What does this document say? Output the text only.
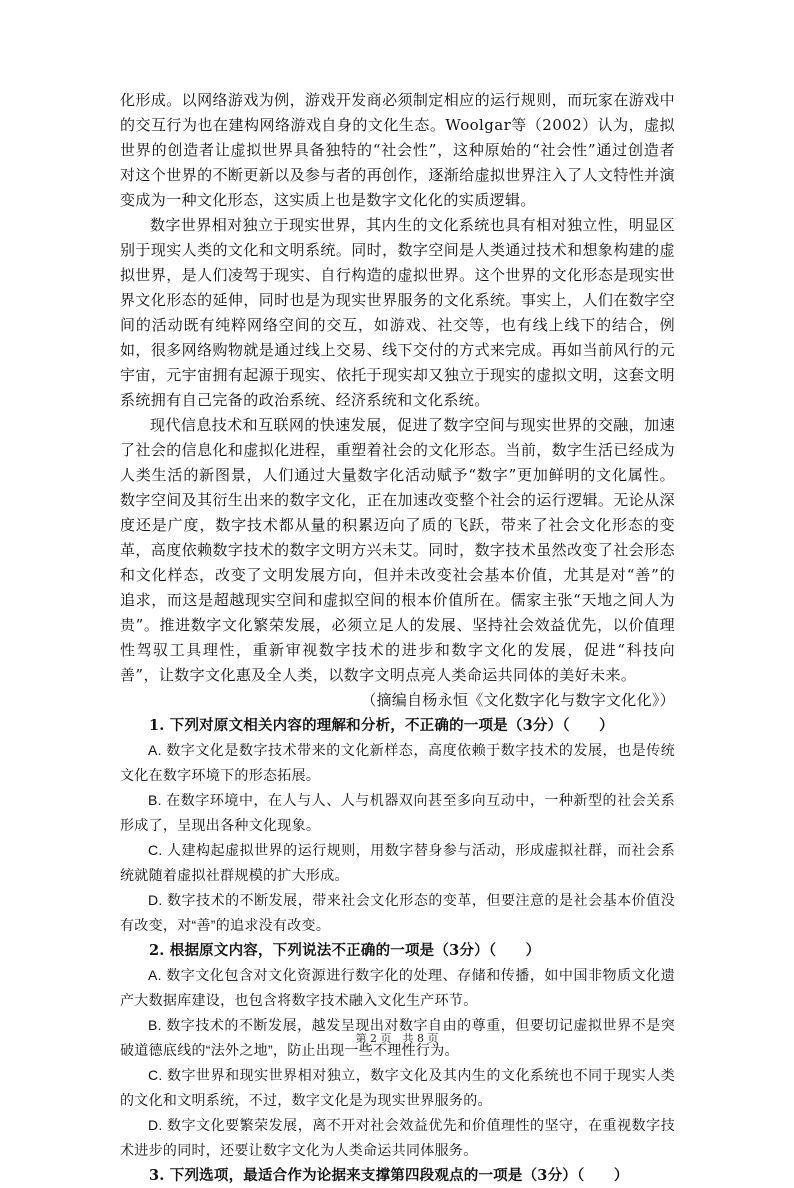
化形成。以网络游戏为例，游戏开发商必须制定相应的运行规则，而玩家在游戏中的交互行为也在建构网络游戏自身的文化生态。Woolgar等（2002）认为，虚拟世界的创造者让虚拟世界具备独特的“社会性”，这种原始的“社会性”通过创造者对这个世界的不断更新以及参与者的再创作，逐渐给虚拟世界注入了人文特性并演变成为一种文化形态，这实质上也是数字文化化的实质逻辑。

数字世界相对独立于现实世界，其内生的文化系统也具有相对独立性，明显区别于现实人类的文化和文明系统。同时，数字空间是人类通过技术和想象构建的虚拟世界，是人们凌驾于现实、自行构造的虚拟世界。这个世界的文化形态是现实世界文化形态的延伸，同时也是为现实世界服务的文化系统。事实上，人们在数字空间的活动既有纯粹网络空间的交互，如游戏、社交等，也有线上线下的结合，例如，很多网络购物就是通过线上交易、线下交付的方式来完成。再如当前风行的元宇宙，元宇宙拥有起源于现实、依托于现实却又独立于现实的虚拟文明，这套文明系统拥有自己完备的政治系统、经济系统和文化系统。

现代信息技术和互联网的快速发展，促进了数字空间与现实世界的交融，加速了社会的信息化和虚拟化进程，重塑着社会的文化形态。当前，数字生活已经成为人类生活的新图景，人们通过大量数字化活动赋予“数字”更加鲜明的文化属性。数字空间及其衍生出来的数字文化，正在加速改变整个社会的运行逻辑。无论从深度还是广度，数字技术都从量的积累迈向了质的飞跃，带来了社会文化形态的变革，高度依赖数字技术的数字文明方兴未艾。同时，数字技术虽然改变了社会形态和文化样态，改变了文明发展方向，但并未改变社会基本价值，尤其是对“善”的追求，而这是超越现实空间和虚拟空间的根本价值所在。儒家主张“天地之间人为贵”。推进数字文化繁荣发展，必须立足人的发展、坚持社会效益优先，以价值理性驾驭工具理性，重新审视数字技术的进步和数字文化的发展，促进“科技向善”，让数字文化惠及全人类，以数字文明点亮人类命运共同体的美好未来。

（摘编自杨永恒《文化数字化与数字文化化》）

1. 下列对原文相关内容的理解和分析，不正确的一项是（3分）（　　）

A. 数字文化是数字技术带来的文化新样态，高度依赖于数字技术的发展，也是传统文化在数字环境下的形态拓展。

B. 在数字环境中，在人与人、人与机器双向甚至多向互动中，一种新型的社会关系形成了，呈现出各种文化现象。

C. 人建构起虚拟世界的运行规则，用数字替身参与活动，形成虚拟社群，而社会系统就随着虚拟社群规模的扩大形成。

D. 数字技术的不断发展，带来社会文化形态的变革，但要注意的是社会基本价值没有改变，对“善”的追求没有改变。

2. 根据原文内容，下列说法不正确的一项是（3分）（　　）

A. 数字文化包含对文化资源进行数字化的处理、存储和传播，如中国非物质文化遗产大数据库建设，也包含将数字技术融入文化生产环节。

B. 数字技术的不断发展，越发呈现出对数字自由的尊重，但要切记虚拟世界不是突破道德底线的“法外之地”，防止出现一些不理性行为。

C. 数字世界和现实世界相对独立，数字文化及其内生的文化系统也不同于现实人类的文化和文明系统，不过，数字文化是为现实世界服务的。

D. 数字文化要繁荣发展，离不开对社会效益优先和价值理性的坚守，在重视数字技术进步的同时，还要让数字文化为人类命运共同体服务。

3. 下列选项，最适合作为论据来支撑第四段观点的一项是（3分）（　　）

第 2 页　共 8 页
